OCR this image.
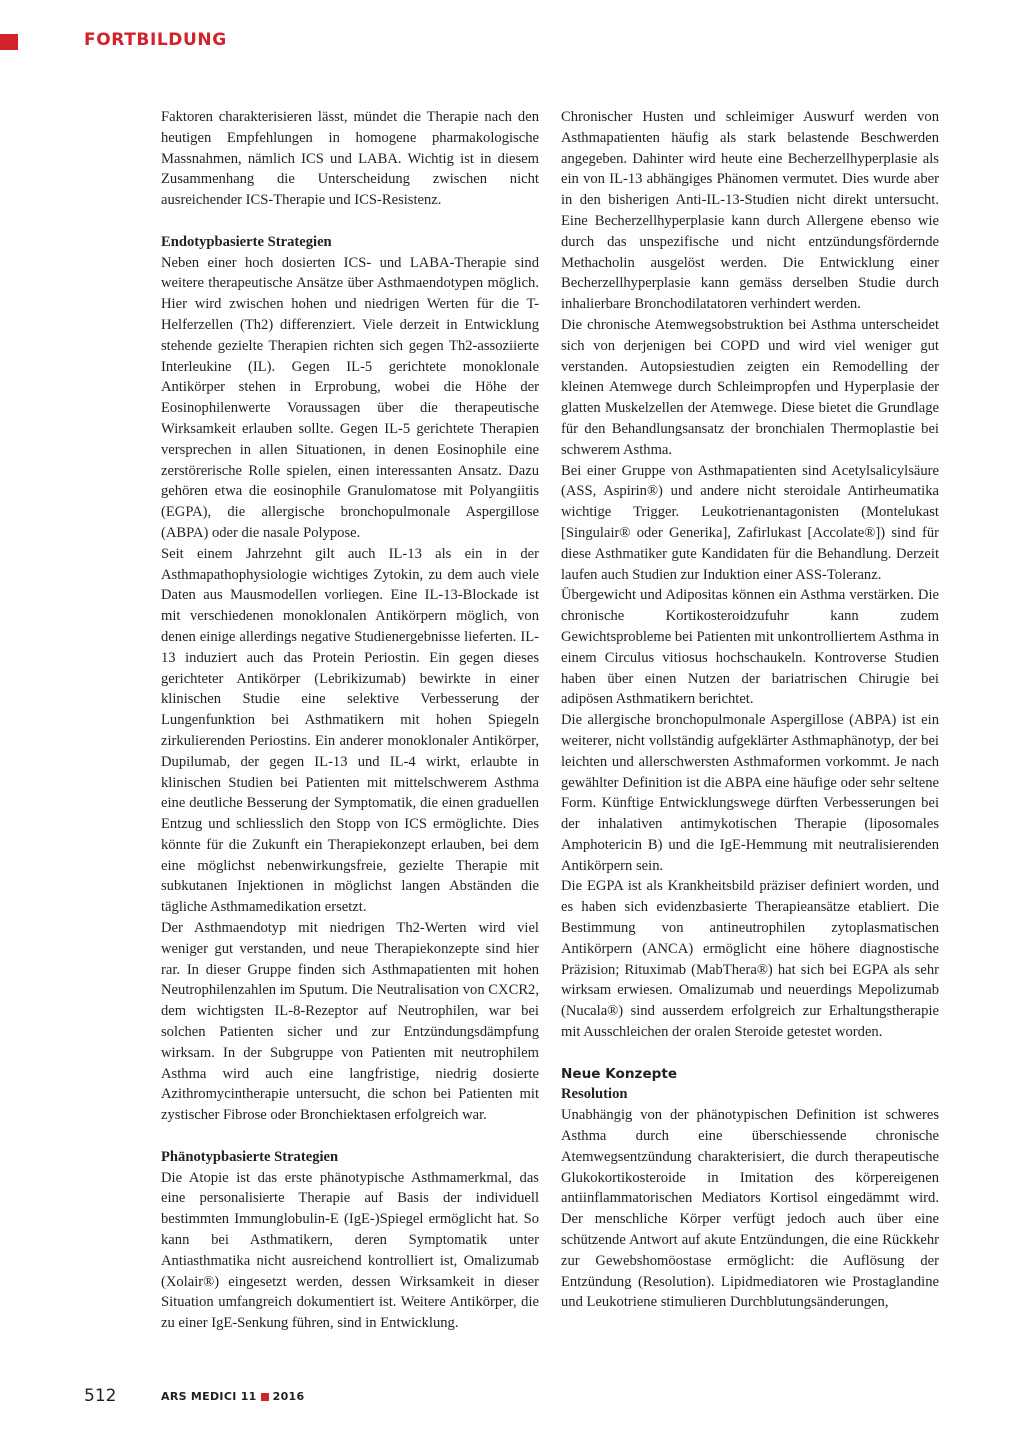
FORTBILDUNG

Faktoren charakterisieren lässt, mündet die Therapie nach den heutigen Empfehlungen in homogene pharmakologische Massnahmen, nämlich ICS und LABA. Wichtig ist in diesem Zusammenhang die Unterscheidung zwischen nicht ausreichender ICS-Therapie und ICS-Resistenz.

Endotypbasierte Strategien

Neben einer hoch dosierten ICS- und LABA-Therapie sind weitere therapeutische Ansätze über Asthmaendotypen möglich. Hier wird zwischen hohen und niedrigen Werten für die T-Helferzellen (Th2) differenziert. Viele derzeit in Entwicklung stehende gezielte Therapien richten sich gegen Th2-assoziierte Interleukine (IL). Gegen IL-5 gerichtete monoklonale Antikörper stehen in Erprobung, wobei die Höhe der Eosinophilenwerte Voraussagen über die therapeutische Wirksamkeit erlauben sollte. Gegen IL-5 gerichtete Therapien versprechen in allen Situationen, in denen Eosinophile eine zerstörerische Rolle spielen, einen interessanten Ansatz. Dazu gehören etwa die eosinophile Granulomatose mit Polyangiitis (EGPA), die allergische bronchopulmonale Aspergillose (ABPA) oder die nasale Polypose.

Seit einem Jahrzehnt gilt auch IL-13 als ein in der Asthmapathophysiologie wichtiges Zytokin, zu dem auch viele Daten aus Mausmodellen vorliegen. Eine IL-13-Blockade ist mit verschiedenen monoklonalen Antikörpern möglich, von denen einige allerdings negative Studienergebnisse lieferten. IL-13 induziert auch das Protein Periostin. Ein gegen dieses gerichteter Antikörper (Lebrikizumab) bewirkte in einer klinischen Studie eine selektive Verbesserung der Lungenfunktion bei Asthmatikern mit hohen Spiegeln zirkulierenden Periostins. Ein anderer monoklonaler Antikörper, Dupilumab, der gegen IL-13 und IL-4 wirkt, erlaubte in klinischen Studien bei Patienten mit mittelschwerem Asthma eine deutliche Besserung der Symptomatik, die einen graduellen Entzug und schliesslich den Stopp von ICS ermöglichte. Dies könnte für die Zukunft ein Therapiekonzept erlauben, bei dem eine möglichst nebenwirkungsfreie, gezielte Therapie mit subkutanen Injektionen in möglichst langen Abständen die tägliche Asthmamedikation ersetzt.

Der Asthmaendotyp mit niedrigen Th2-Werten wird viel weniger gut verstanden, und neue Therapiekonzepte sind hier rar. In dieser Gruppe finden sich Asthmapatienten mit hohen Neutrophilenzahlen im Sputum. Die Neutralisation von CXCR2, dem wichtigsten IL-8-Rezeptor auf Neutrophilen, war bei solchen Patienten sicher und zur Entzündungsdämpfung wirksam. In der Subgruppe von Patienten mit neutrophilem Asthma wird auch eine langfristige, niedrig dosierte Azithromycintherapie untersucht, die schon bei Patienten mit zystischer Fibrose oder Bronchiektasen erfolgreich war.

Phänotypbasierte Strategien

Die Atopie ist das erste phänotypische Asthmamerkmal, das eine personalisierte Therapie auf Basis der individuell bestimmten Immunglobulin-E (IgE-)Spiegel ermöglicht hat. So kann bei Asthmatikern, deren Symptomatik unter Antiasthmatika nicht ausreichend kontrolliert ist, Omalizumab (Xolair®) eingesetzt werden, dessen Wirksamkeit in dieser Situation umfangreich dokumentiert ist. Weitere Antikörper, die zu einer IgE-Senkung führen, sind in Entwicklung.

Chronischer Husten und schleimiger Auswurf werden von Asthmapatienten häufig als stark belastende Beschwerden angegeben. Dahinter wird heute eine Becherzellhyperplasie als ein von IL-13 abhängiges Phänomen vermutet. Dies wurde aber in den bisherigen Anti-IL-13-Studien nicht direkt untersucht. Eine Becherzellhyperplasie kann durch Allergene ebenso wie durch das unspezifische und nicht entzündungsfördernde Methacholin ausgelöst werden. Die Entwicklung einer Becherzellhyperplasie kann gemäss derselben Studie durch inhalierbare Bronchodilatatoren verhindert werden.

Die chronische Atemwegsobstruktion bei Asthma unterscheidet sich von derjenigen bei COPD und wird viel weniger gut verstanden. Autopsiestudien zeigten ein Remodelling der kleinen Atemwege durch Schleimpropfen und Hyperplasie der glatten Muskelzellen der Atemwege. Diese bietet die Grundlage für den Behandlungsansatz der bronchialen Thermoplastie bei schwerem Asthma.

Bei einer Gruppe von Asthmapatienten sind Acetylsalicylsäure (ASS, Aspirin®) und andere nicht steroidale Antirheumatika wichtige Trigger. Leukotrienantagonisten (Montelukast [Singulair® oder Generika], Zafirlukast [Accolate®]) sind für diese Asthmatiker gute Kandidaten für die Behandlung. Derzeit laufen auch Studien zur Induktion einer ASS-Toleranz.

Übergewicht und Adipositas können ein Asthma verstärken. Die chronische Kortikosteroidzufuhr kann zudem Gewichtsprobleme bei Patienten mit unkontrolliertem Asthma in einem Circulus vitiosus hochschaukeln. Kontroverse Studien haben über einen Nutzen der bariatrischen Chirugie bei adipösen Asthmatikern berichtet.

Die allergische bronchopulmonale Aspergillose (ABPA) ist ein weiterer, nicht vollständig aufgeklärter Asthmaphänotyp, der bei leichten und allerschwersten Asthmaformen vorkommt. Je nach gewählter Definition ist die ABPA eine häufige oder sehr seltene Form. Künftige Entwicklungswege dürften Verbesserungen bei der inhalativen antimykotischen Therapie (liposomales Amphotericin B) und die IgE-Hemmung mit neutralisierenden Antikörpern sein.

Die EGPA ist als Krankheitsbild präziser definiert worden, und es haben sich evidenzbasierte Therapieansätze etabliert. Die Bestimmung von antineutrophilen zytoplasmatischen Antikörpern (ANCA) ermöglicht eine höhere diagnostische Präzision; Rituximab (MabThera®) hat sich bei EGPA als sehr wirksam erwiesen. Omalizumab und neuerdings Mepolizumab (Nucala®) sind ausserdem erfolgreich zur Erhaltungstherapie mit Ausschleichen der oralen Steroide getestet worden.

Neue Konzepte
Resolution

Unabhängig von der phänotypischen Definition ist schweres Asthma durch eine überschiessende chronische Atemwegsentzündung charakterisiert, die durch therapeutische Glukokortikosteroide in Imitation des körpereigenen antiinflammatorischen Mediators Kortisol eingedämmt wird. Der menschliche Körper verfügt jedoch auch über eine schützende Antwort auf akute Entzündungen, die eine Rückkehr zur Gewebshomöostase ermöglicht: die Auflösung der Entzündung (Resolution). Lipidmediatoren wie Prostaglandine und Leukotriene stimulieren Durchblutungsänderungen,

512	ARS MEDICI 11 2016
